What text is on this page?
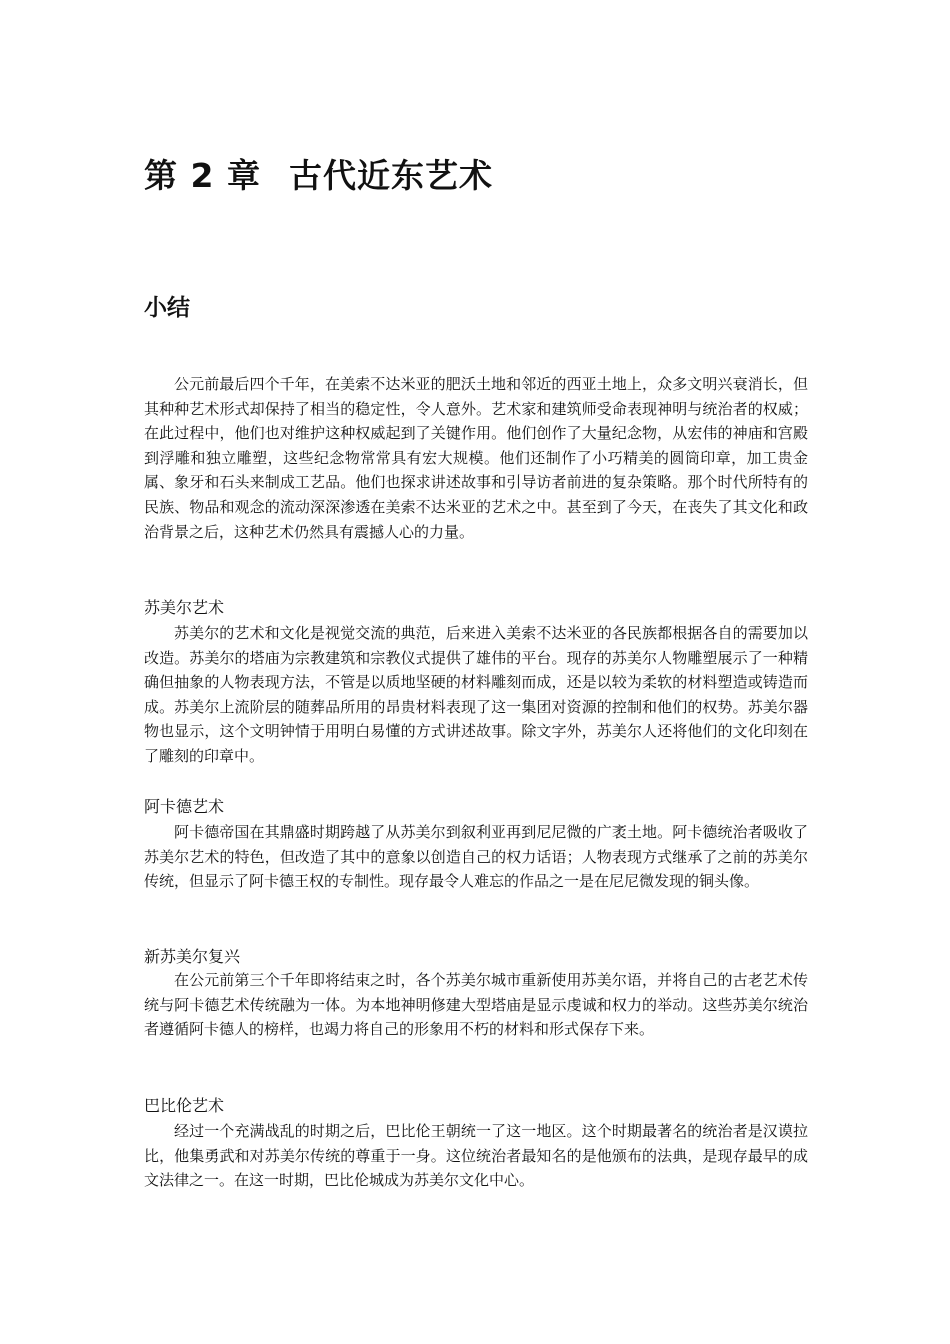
第 2 章 古代近东艺术
小结

公元前最后四个千年，在美索不达米亚的肥沃土地和邻近的西亚土地上，众多文明兴衰消长，但其种种艺术形式却保持了相当的稳定性，令人意外。艺术家和建筑师受命表现神明与统治者的权威；在此过程中，他们也对维护这种权威起到了关键作用。他们创作了大量纪念物，从宏伟的神庙和宫殿到浮雕和独立雕塑，这些纪念物常常具有宏大规模。他们还制作了小巧精美的圆筒印章，加工贵金属、象牙和石头来制成工艺品。他们也探求讲述故事和引导访者前进的复杂策略。那个时代所特有的民族、物品和观念的流动深深渗透在美索不达米亚的艺术之中。甚至到了今天，在丧失了其文化和政治背景之后，这种艺术仍然具有震撼人心的力量。

苏美尔艺术

苏美尔的艺术和文化是视觉交流的典范，后来进入美索不达米亚的各民族都根据各自的需要加以改造。苏美尔的塔庙为宗教建筑和宗教仪式提供了雄伟的平台。现存的苏美尔人物雕塑展示了一种精确但抽象的人物表现方法，不管是以质地坚硬的材料雕刻而成，还是以较为柔软的材料塑造或铸造而成。苏美尔上流阶层的随葬品所用的昂贵材料表现了这一集团对资源的控制和他们的权势。苏美尔器物也显示，这个文明钟情于用明白易懂的方式讲述故事。除文字外，苏美尔人还将他们的文化印刻在了雕刻的印章中。

阿卡德艺术

阿卡德帝国在其鼎盛时期跨越了从苏美尔到叙利亚再到尼尼微的广袤土地。阿卡德统治者吸收了苏美尔艺术的特色，但改造了其中的意象以创造自己的权力话语；人物表现方式继承了之前的苏美尔传统，但显示了阿卡德王权的专制性。现存最令人难忘的作品之一是在尼尼微发现的铜头像。

新苏美尔复兴

在公元前第三个千年即将结束之时，各个苏美尔城市重新使用苏美尔语，并将自己的古老艺术传统与阿卡德艺术传统融为一体。为本地神明修建大型塔庙是显示虔诚和权力的举动。这些苏美尔统治者遵循阿卡德人的榜样，也竭力将自己的形象用不朽的材料和形式保存下来。

巴比伦艺术

经过一个充满战乱的时期之后，巴比伦王朝统一了这一地区。这个时期最著名的统治者是汉谟拉比，他集勇武和对苏美尔传统的尊重于一身。这位统治者最知名的是他颁布的法典，是现存最早的成文法律之一。在这一时期，巴比伦城成为苏美尔文化中心。
